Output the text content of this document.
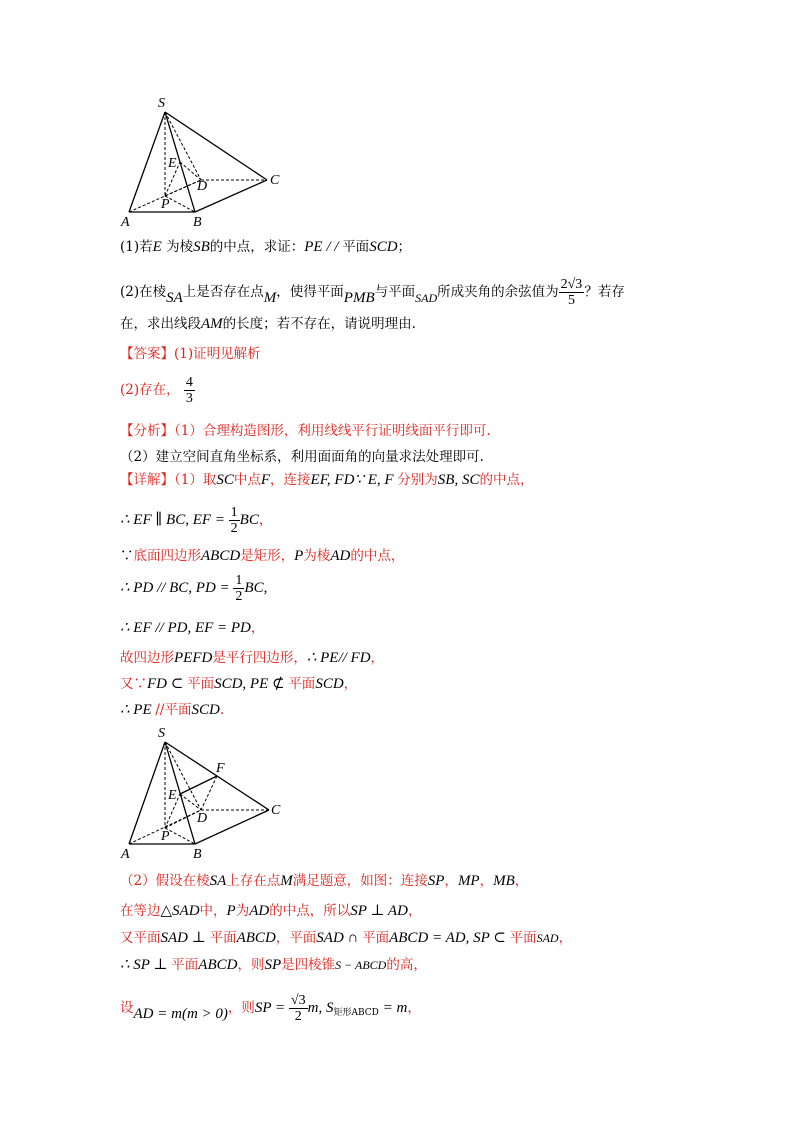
S
E
D	C
P
A	B
(1)若E 为棱SB的中点，求证：PE / / 平面SCD；
(2)在棱SA上是否存在点M，使得平面PMB与平面SAD所成夹角的余弦值为 $\frac{2√3}{5}$ ？若存
在，求出线段AM的长度；若不存在，请说明理由.
【答案】(1)证明见解析
(2)存在， $\frac{4}{3}$
【分析】（1）合理构造图形，利用线线平行证明线面平行即可.
（2）建立空间直角坐标系，利用面面角的向量求法处理即可.
【详解】（1）取SC中点F，连接EF, FD∵ E, F 分别为SB, SC的中点，
∴ EF ∥ BC, EF = $\frac{1}{2}$ BC，
∵底面四边形ABCD是矩形，P为棱AD的中点，
∴ PD // BC, PD = $\frac{1}{2}$ BC,
∴ EF // PD, EF = PD，
故四边形PEFD是平行四边形，∴ PE// FD，
又∵FD ⊂ 平面SCD, PE ⊄ 平面SCD，
∴ PE //平面SCD.
S
F
E
D
C
P
A	B
（2）假设在棱SA上存在点M满足题意，如图：连接SP，MP，MB，
在等边△SAD中，P为AD的中点，所以SP ⊥ AD，
又平面SAD ⊥ 平面ABCD，平面SAD ∩ 平面ABCD = AD, SP ⊂ 平面SAD，
∴ SP ⊥ 平面ABCD，则SP是四棱锥S − ABCD的高，
设AD = m(m > 0)，则SP = $\frac{√3}{2} m$, $S_{矩形ABCD} = m$，
